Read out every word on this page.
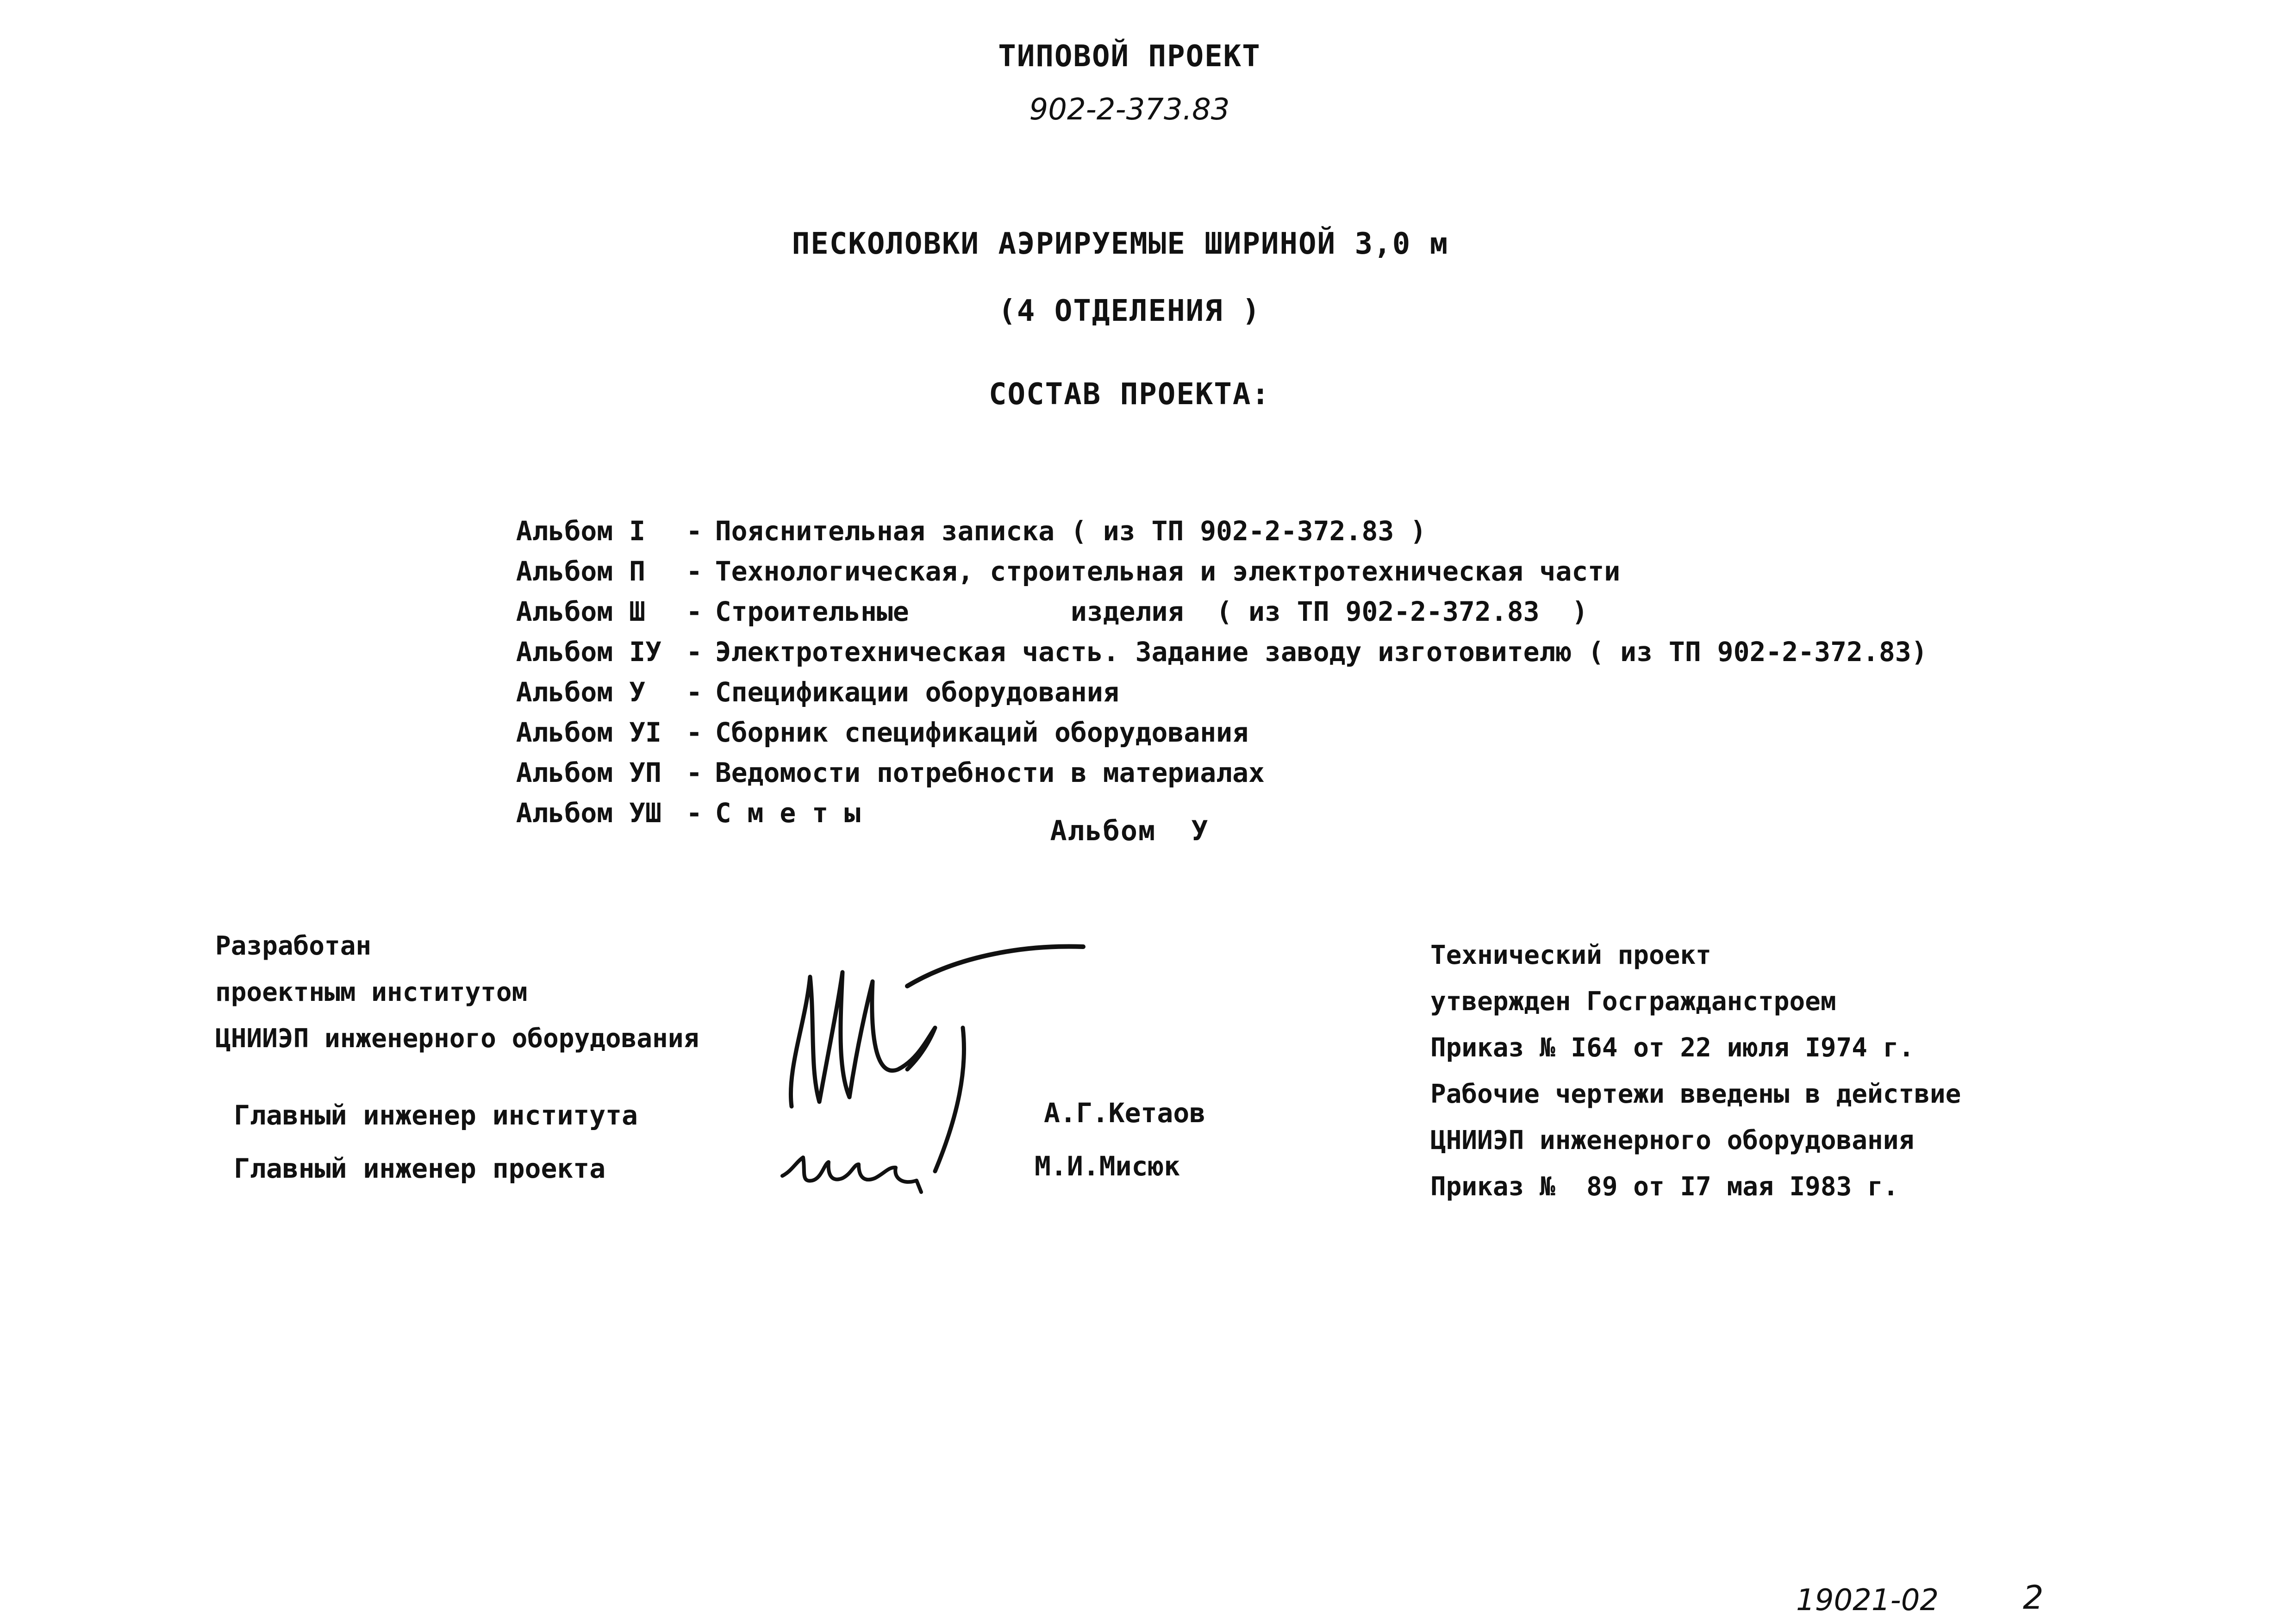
ТИПОВОЙ ПРОЕКТ
902-2-373.83
ПЕСКОЛОВКИ АЭРИРУЕМЫЕ ШИРИНОЙ 3,0 м
(4 ОТДЕЛЕНИЯ )
СОСТАВ ПРОЕКТА:

Альбом I - Пояснительная записка ( из ТП 902-2-372.83 )

Альбом П - Технологическая, строительная и электротехническая части

Альбом Ш - Строительные          изделия  ( из ТП 902-2-372.83  )

Альбом IУ - Электротехническая часть. Задание заводу изготовителю ( из ТП 902-2-372.83)

Альбом У - Спецификации оборудования

Альбом УI - Сборник спецификаций оборудования

Альбом УП - Ведомости потребности в материалах

Альбом УШ - С м е т ы

Альбом  У

Разработан

проектным институтом

ЦНИИЭП инженерного оборудования

Технический проект

утвержден Госгражданстроем

Приказ № I64 от 22 июля I974 г.

Рабочие чертежи введены в действие

ЦНИИЭП инженерного оборудования

Приказ №  89 от I7 мая I983 г.

Главный инженер института	А.Г.Кетаов
Главный инженер проекта	М.И.Мисюк
19021-02	2
